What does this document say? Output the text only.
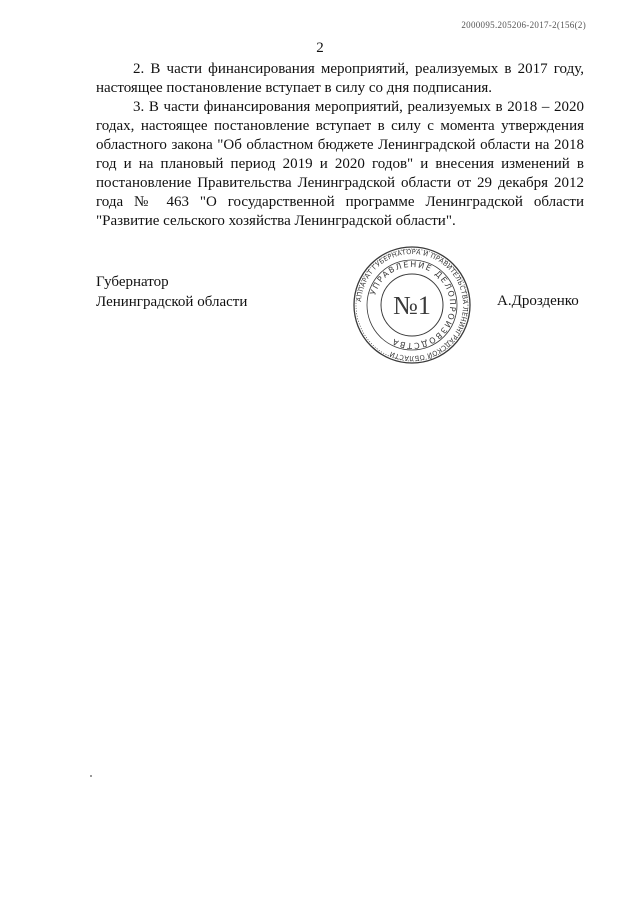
2000095.205206-2017-2(156(2)
2

2. В части финансирования мероприятий, реализуемых в 2017 году, настоящее постановление вступает в силу со дня подписания.

3. В части финансирования мероприятий, реализуемых в 2018 – 2020 годах, настоящее постановление вступает в силу с момента утверждения областного закона "Об областном бюджете Ленинградской области на 2018 год и на плановый период 2019 и 2020 годов" и внесения изменений в постановление Правительства Ленинградской области от 29 декабря 2012 года № 463 "О государственной программе Ленинградской области "Развитие сельского хозяйства Ленинградской области".

Губернатор
Ленинградской области	А.Дрозденко
АППАРАТ ГУБЕРНАТОРА И ПРАВИТЕЛЬСТВА ЛЕНИНГРАДСКОЙ ОБЛАСТИ
УПРАВЛЕНИЕ ДЕЛОПРОИЗВОДСТВА
№1
